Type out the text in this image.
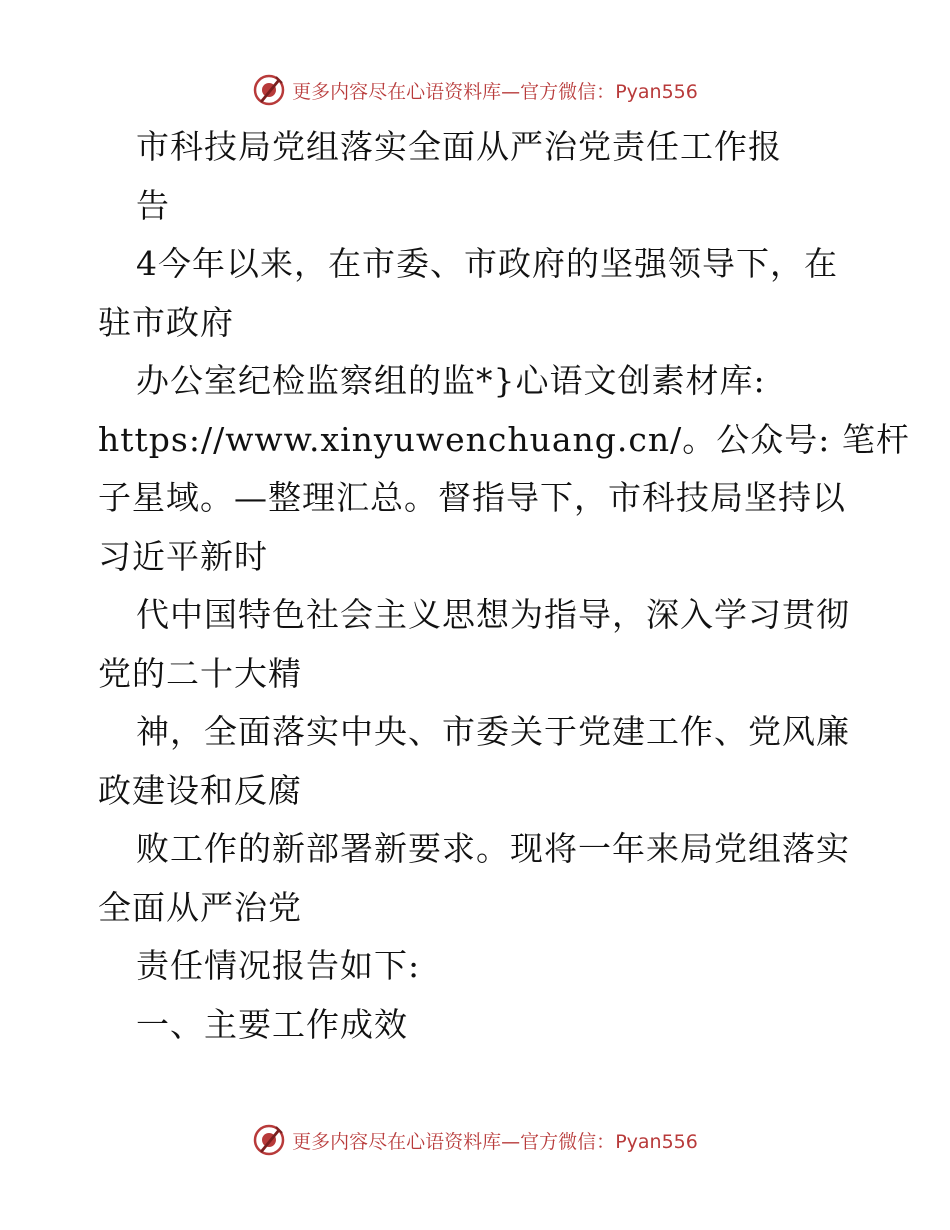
更多内容尽在心语资料库—官方微信：Pyan556
市科技局党组落实全面从严治党责任工作报
告
4今年以来，在市委、市政府的坚强领导下，在
驻市政府
办公室纪检监察组的监*}心语文创素材库:
https://www.xinyuwenchuang.cn/。公众号: 笔杆
子星域。—整理汇总。督指导下，市科技局坚持以
习近平新时
代中国特色社会主义思想为指导，深入学习贯彻
党的二十大精
神，全面落实中央、市委关于党建工作、党风廉
政建设和反腐
败工作的新部署新要求。现将一年来局党组落实
全面从严治党
责任情况报告如下:
一、主要工作成效
更多内容尽在心语资料库—官方微信：Pyan556
